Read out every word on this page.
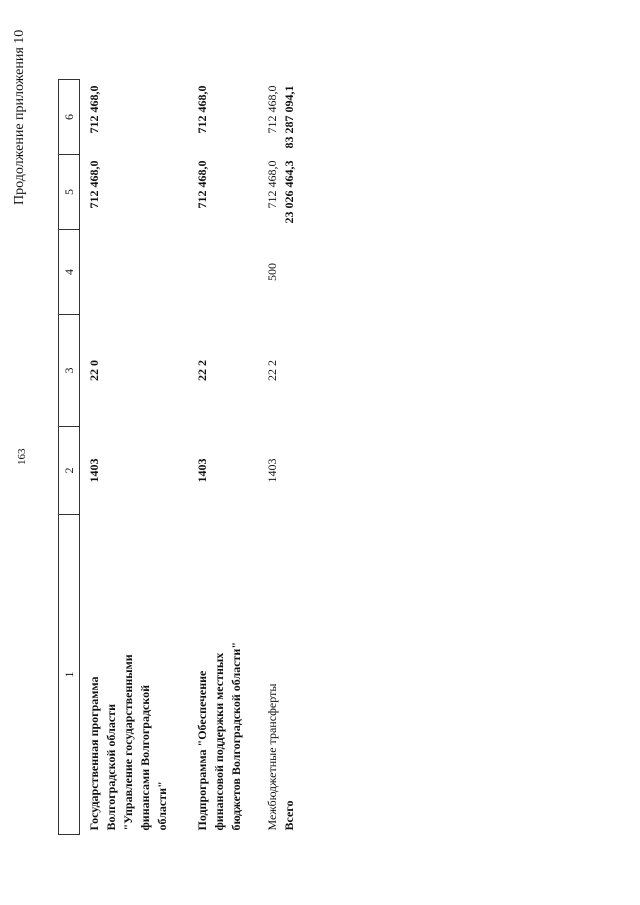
163
Продолжение приложения 10
1	2	3	4	5	6

Государственная программа Волгоградской области "Управление государственными финансами Волгоградской области"	1403	22 0		712 468,0	712 468,0

Подпрограмма "Обеспечение финансовой поддержки местных бюджетов Волгоградской области"	1403	22 2		712 468,0	712 468,0
Межбюджетные трансферты	1403	22 2	500	712 468,0	712 468,0
Всего				23 026 464,3	83 287 094,1
